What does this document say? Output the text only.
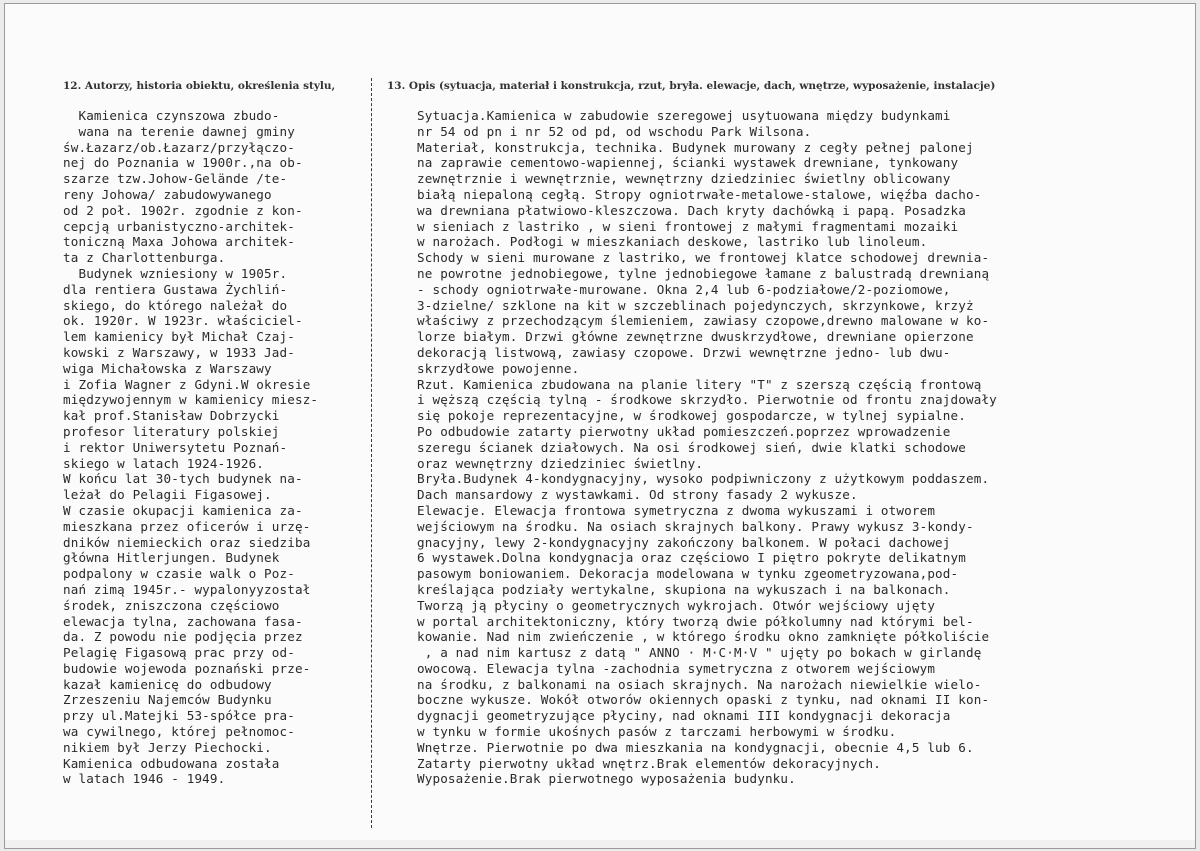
12. Autorzy, historia obiektu, określenia stylu,	13. Opis (sytuacja, materiał i konstrukcja, rzut, bryła. elewacje, dach, wnętrze, wyposażenie, instalacje)
Kamienica czynszowa zbudo-
wana na terenie dawnej gminy
św.Łazarz/ob.Łazarz/przyłączo-
nej do Poznania w 1900r.,na ob-
szarze tzw.Johow-Gelände /te-
reny Johowa/ zabudowywanego
od 2 poł. 1902r. zgodnie z kon-
cepcją urbanistyczno-architek-
toniczną Maxa Johowa architek-
ta z Charlottenburga.
Budynek wzniesiony w 1905r.
dla rentiera Gustawa Żychliń-
skiego, do którego należał do
ok. 1920r. W 1923r. właściciel-
lem kamienicy był Michał Czaj-
kowski z Warszawy, w 1933 Jad-
wiga Michałowska z Warszawy
i Zofia Wagner z Gdyni.W okresie
międzywojennym w kamienicy miesz-
kał prof.Stanisław Dobrzycki
profesor literatury polskiej
i rektor Uniwersytetu Poznań-
skiego w latach 1924-1926.
W końcu lat 30-tych budynek na-
leżał do Pelagii Figasowej.
W czasie okupacji kamienica za-
mieszkana przez oficerów i urzę-
dników niemieckich oraz siedziba
główna Hitlerjungen. Budynek
podpalony w czasie walk o Poz-
nań zimą 1945r.- wypalonyyzostał
środek, zniszczona częściowo
elewacja tylna, zachowana fasa-
da. Z powodu nie podjęcia przez
Pelagię Figasową prac przy od-
budowie wojewoda poznański prze-
kazał kamienicę do odbudowy
Zrzeszeniu Najemców Budynku
przy ul.Matejki 53-spółce pra-
wa cywilnego, której pełnomoc-
nikiem był Jerzy Piechocki.
Kamienica odbudowana została
w latach 1946 - 1949.
Sytuacja.Kamienica w zabudowie szeregowej usytuowana między budynkami
nr 54 od pn i nr 52 od pd, od wschodu Park Wilsona.
Materiał, konstrukcja, technika. Budynek murowany z cegły pełnej palonej
na zaprawie cementowo-wapiennej, ścianki wystawek drewniane, tynkowany
zewnętrznie i wewnętrznie, wewnętrzny dziedziniec świetlny oblicowany
białą niepaloną cegłą. Stropy ogniotrwałe-metalowe-stalowe, więźba dacho-
wa drewniana płatwiowo-kleszczowa. Dach kryty dachówką i papą. Posadzka
w sieniach z lastriko , w sieni frontowej z małymi fragmentami mozaiki
w narożach. Podłogi w mieszkaniach deskowe, lastriko lub linoleum.
Schody w sieni murowane z lastriko, we frontowej klatce schodowej drewnia-
ne powrotne jednobiegowe, tylne jednobiegowe łamane z balustradą drewnianą
- schody ogniotrwałe-murowane. Okna 2,4 lub 6-podziałowe/2-poziomowe,
3-dzielne/ szklone na kit w szczeblinach pojedynczych, skrzynkowe, krzyż
właściwy z przechodzącym ślemieniem, zawiasy czopowe,drewno malowane w ko-
lorze białym. Drzwi główne zewnętrzne dwuskrzydłowe, drewniane opierzone
dekoracją listwową, zawiasy czopowe. Drzwi wewnętrzne jedno- lub dwu-
skrzydłowe powojenne.
Rzut. Kamienica zbudowana na planie litery "T" z szerszą częścią frontową
i węższą częścią tylną - środkowe skrzydło. Pierwotnie od frontu znajdowały
się pokoje reprezentacyjne, w środkowej gospodarcze, w tylnej sypialne.
Po odbudowie zatarty pierwotny układ pomieszczeń.poprzez wprowadzenie
szeregu ścianek działowych. Na osi środkowej sień, dwie klatki schodowe
oraz wewnętrzny dziedziniec świetlny.
Bryła.Budynek 4-kondygnacyjny, wysoko podpiwniczony z użytkowym poddaszem.
Dach mansardowy z wystawkami. Od strony fasady 2 wykusze.
Elewacje. Elewacja frontowa symetryczna z dwoma wykuszami i otworem
wejściowym na środku. Na osiach skrajnych balkony. Prawy wykusz 3-kondy-
gnacyjny, lewy 2-kondygnacyjny zakończony balkonem. W połaci dachowej
6 wystawek.Dolna kondygnacja oraz częściowo I piętro pokryte delikatnym
pasowym boniowaniem. Dekoracja modelowana w tynku zgeometryzowana,pod-
kreślająca podziały wertykalne, skupiona na wykuszach i na balkonach.
Tworzą ją płyciny o geometrycznych wykrojach. Otwór wejściowy ujęty
w portal architektoniczny, który tworzą dwie półkolumny nad którymi bel-
kowanie. Nad nim zwieńczenie , w którego środku okno zamknięte półkoliście
, a nad nim kartusz z datą " ANNO · M·C·M·V " ujęty po bokach w girlandę
owocową. Elewacja tylna -zachodnia symetryczna z otworem wejściowym
na środku, z balkonami na osiach skrajnych. Na narożach niewielkie wielo-
boczne wykusze. Wokół otworów okiennych opaski z tynku, nad oknami II kon-
dygnacji geometryzujące płyciny, nad oknami III kondygnacji dekoracja
w tynku w formie ukośnych pasów z tarczami herbowymi w środku.
Wnętrze. Pierwotnie po dwa mieszkania na kondygnacji, obecnie 4,5 lub 6.
Zatarty pierwotny układ wnętrz.Brak elementów dekoracyjnych.
Wyposażenie.Brak pierwotnego wyposażenia budynku.
